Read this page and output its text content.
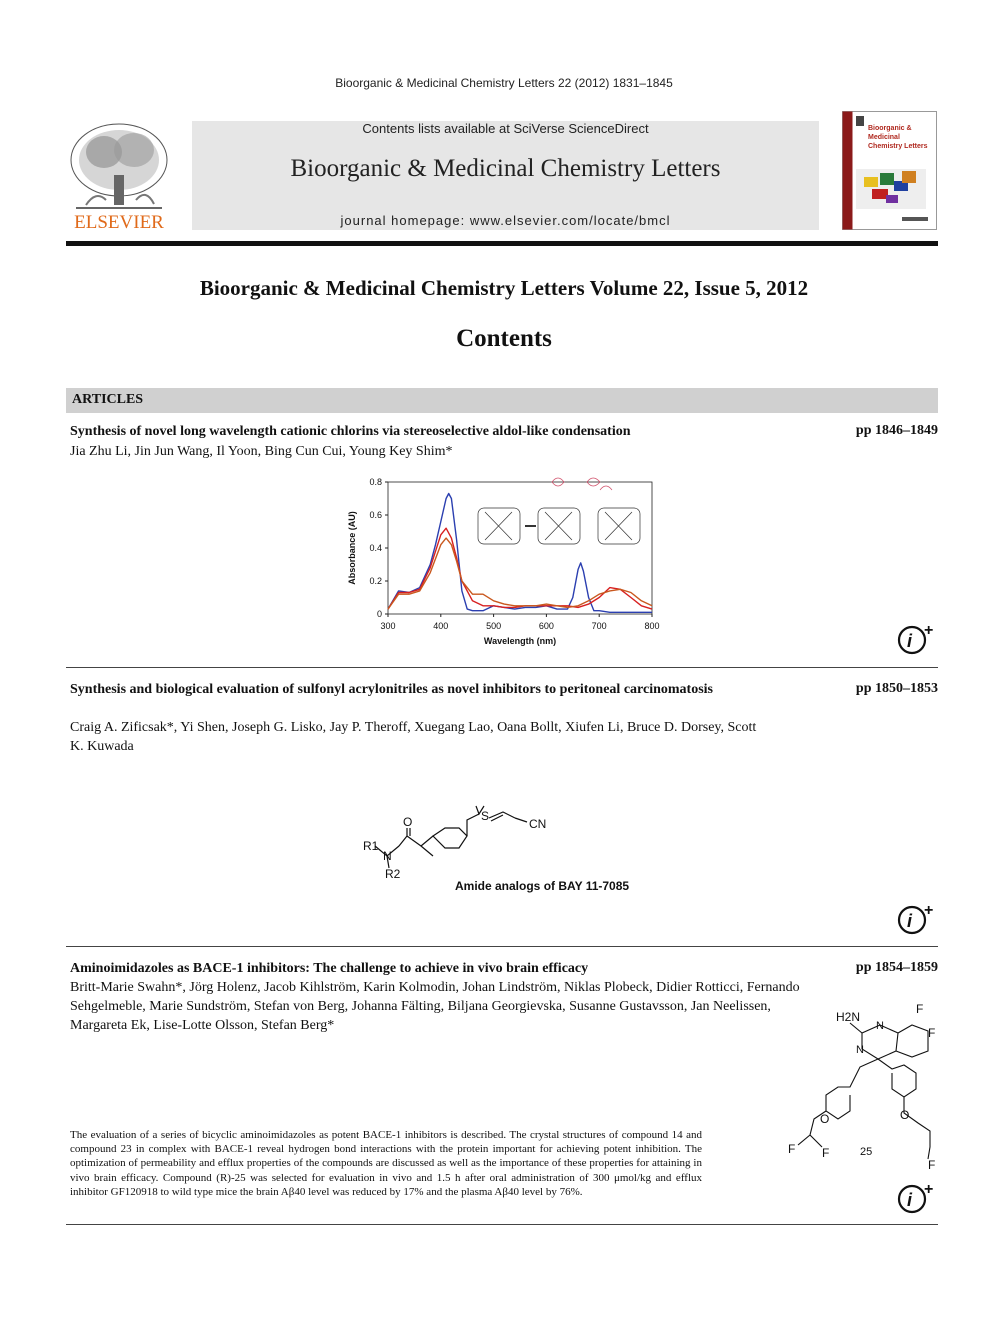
Bioorganic & Medicinal Chemistry Letters 22 (2012) 1831–1845
ELSEVIER
Contents lists available at SciVerse ScienceDirect
Bioorganic & Medicinal Chemistry Letters
journal homepage: www.elsevier.com/locate/bmcl
Bioorganic & Medicinal Chemistry Letters
Bioorganic & Medicinal Chemistry Letters Volume 22, Issue 5, 2012
Contents
ARTICLES
Synthesis of novel long wavelength cationic chlorins via stereoselective aldol-like condensation	pp 1846–1849
Jia Zhu Li, Jin Jun Wang, Il Yoon, Bing Cun Cui, Young Key Shim*
300	400	500	600	700	800
0
0.2
0.4
0.6
0.8
Wavelength (nm)
Absorbance (AU)
i
+
Synthesis and biological evaluation of sulfonyl acrylonitriles as novel inhibitors to peritoneal carcinomatosis	pp 1850–1853
Craig A. Zificsak*, Yi Shen, Joseph G. Lisko, Jay P. Theroff, Xuegang Lao, Oana Bollt, Xiufen Li, Bruce D. Dorsey, Scott K. Kuwada
R1
N
R2
O	S
CN
Amide analogs of BAY 11-7085
i
+
Aminoimidazoles as BACE-1 inhibitors: The challenge to achieve in vivo brain efficacy	pp 1854–1859
Britt-Marie Swahn*, Jörg Holenz, Jacob Kihlström, Karin Kolmodin, Johan Lindström, Niklas Plobeck, Didier Rotticci, Fernando Sehgelmeble, Marie Sundström, Stefan von Berg, Johanna Fälting, Biljana Georgievska, Susanne Gustavsson, Jan Neelissen, Margareta Ek, Lise-Lotte Olsson, Stefan Berg*
H2N
F
F
N
N
O
F F
O
F
25
The evaluation of a series of bicyclic aminoimidazoles as potent BACE-1 inhibitors is described. The crystal structures of compound 14 and compound 23 in complex with BACE-1 reveal hydrogen bond interactions with the protein important for achieving potent inhibition. The optimization of permeability and efflux properties of the compounds are discussed as well as the importance of these properties for attaining in vivo brain efficacy. Compound (R)-25 was selected for evaluation in vivo and 1.5 h after oral administration of 300 μmol/kg and efflux inhibitor GF120918 to wild type mice the brain Aβ40 level was reduced by 17% and the plasma Aβ40 level by 76%.	i
+
